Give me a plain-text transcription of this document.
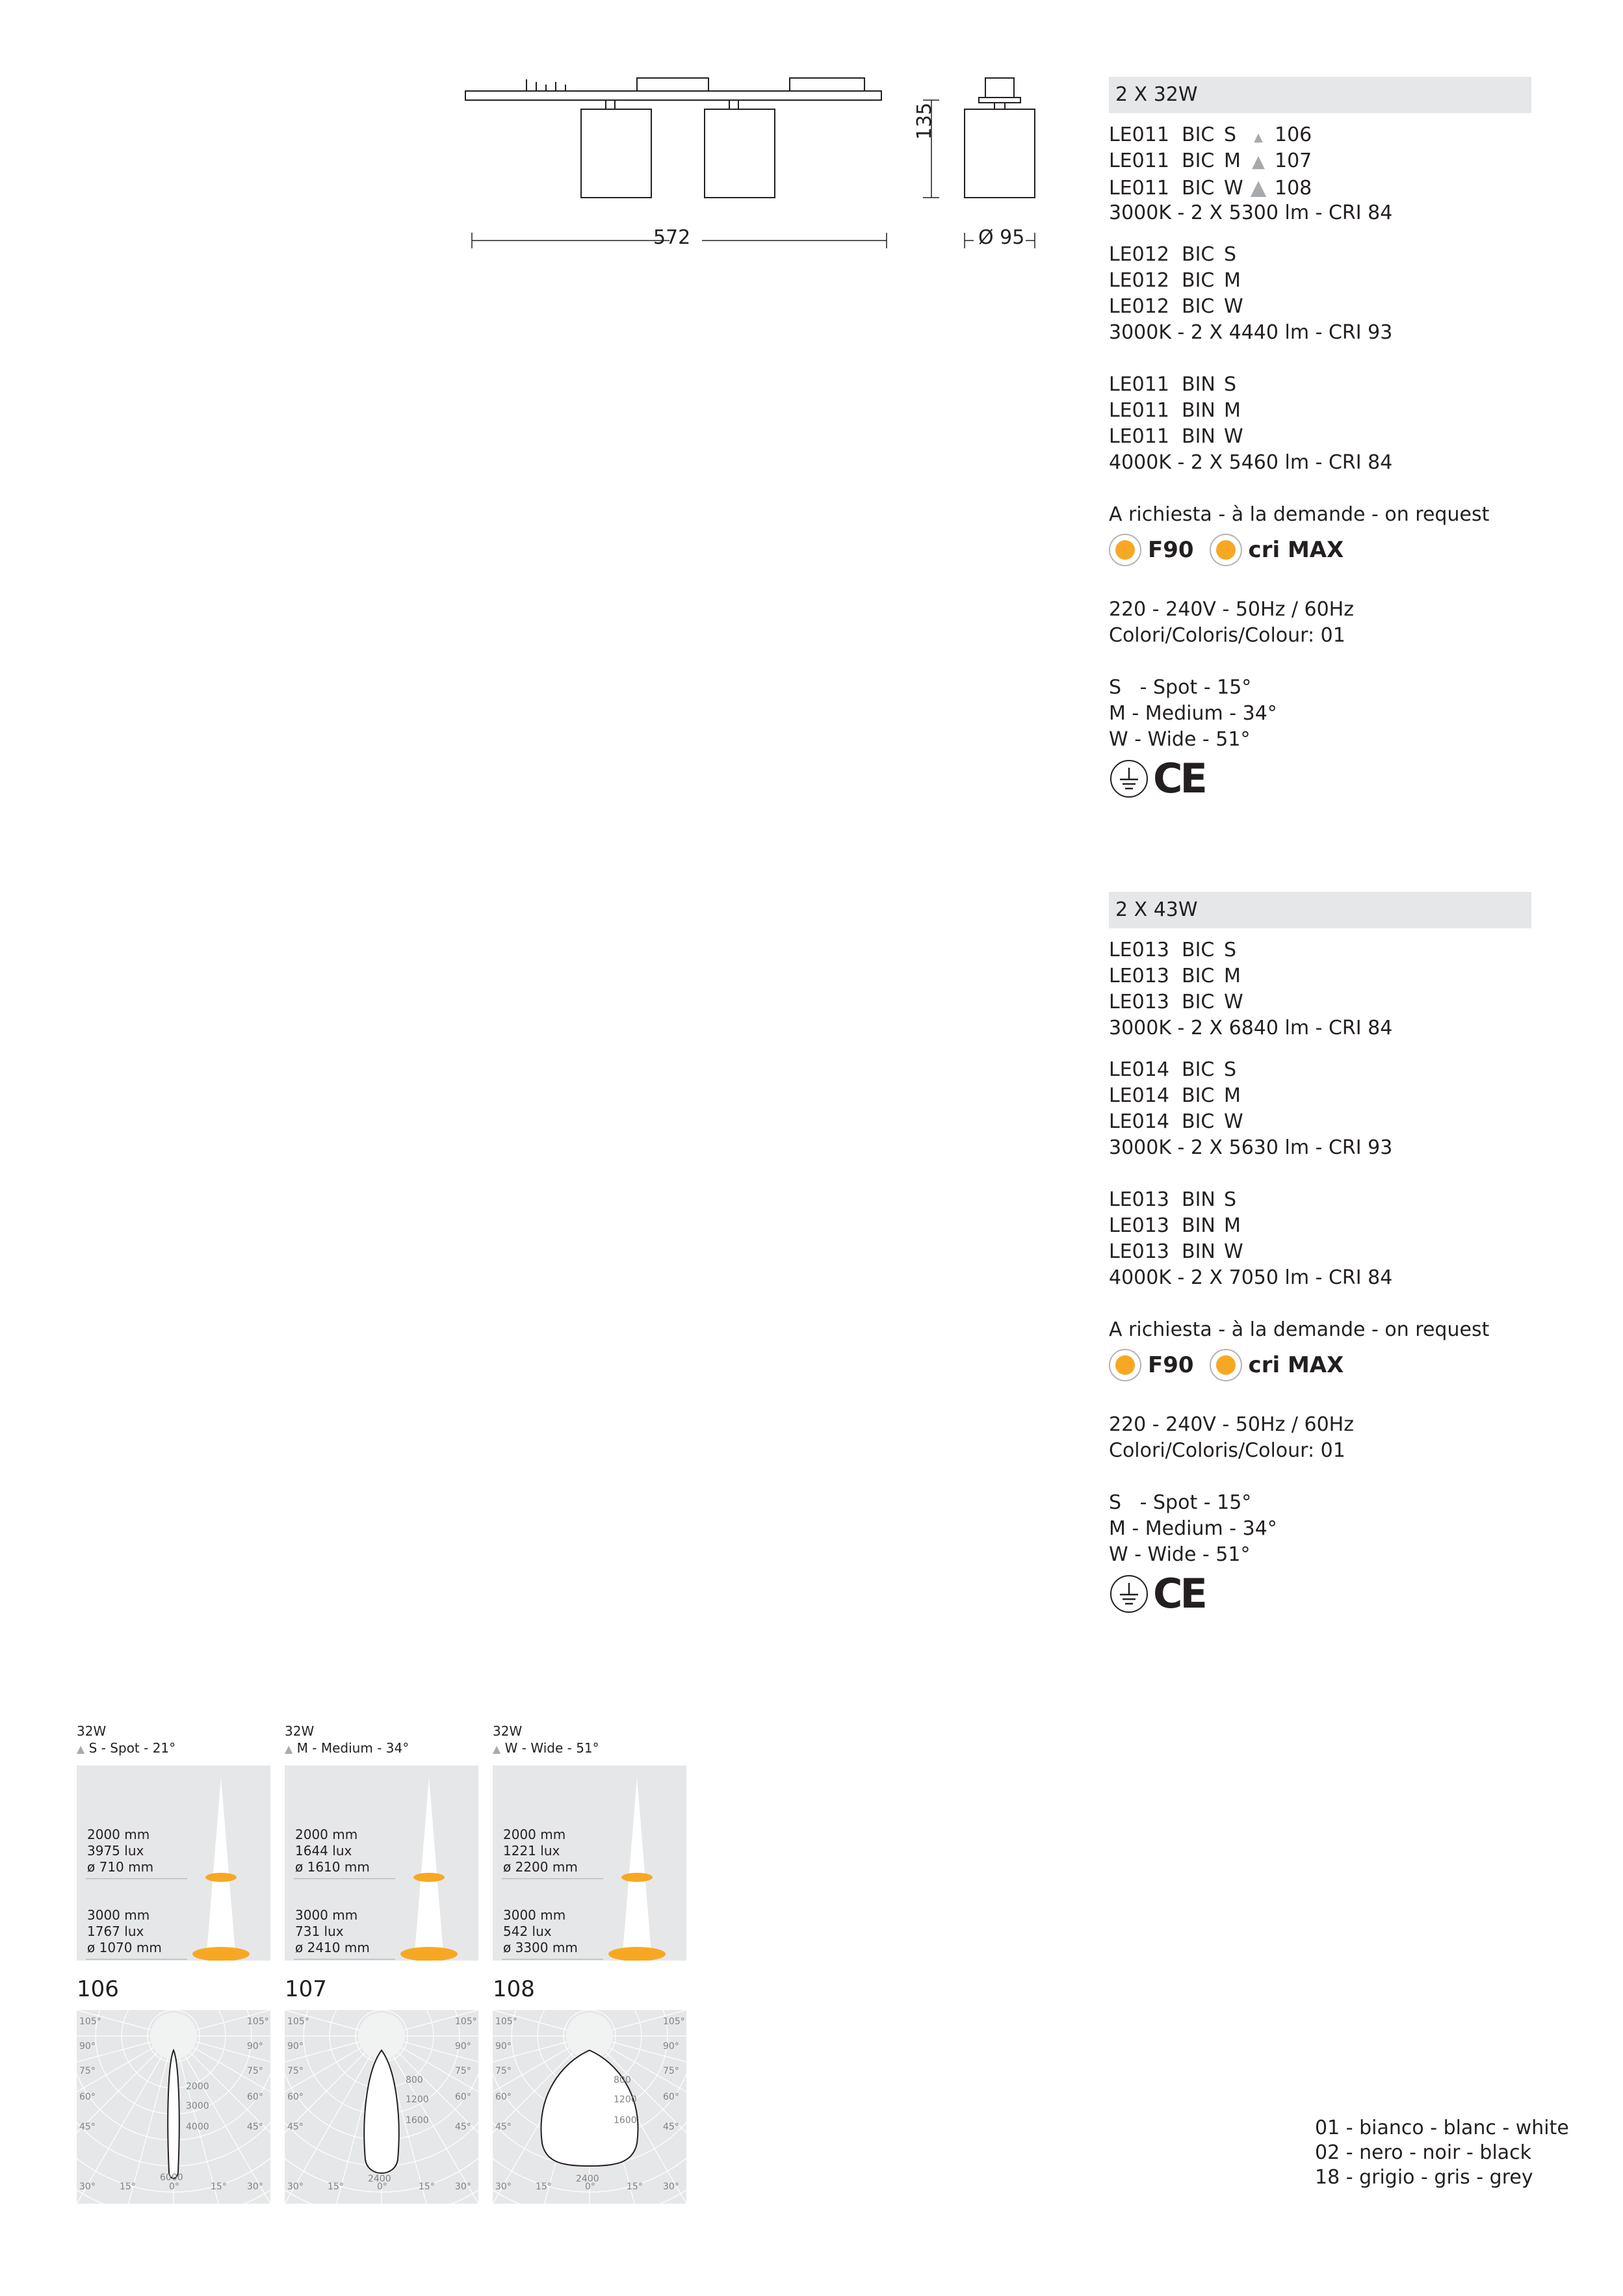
135
572	Ø 95
2 X 32W
LE011 BIC S ▲ 106
LE011 BIC M ▲ 107
LE011 BIC W ▲ 108
3000K - 2 X 5300 lm - CRI 84
LE012 BIC S
LE012 BIC M
LE012 BIC W
3000K - 2 X 4440 lm - CRI 93
LE011 BIN S
LE011 BIN M
LE011 BIN W
4000K - 2 X 5460 lm - CRI 84
A richiesta - à la demande - on request
F90 cri MAX
220 - 240V - 50Hz / 60Hz
Colori/Coloris/Colour: 01
S   - Spot - 15°
M - Medium - 34°
W - Wide - 51°
CE
2 X 43W
LE013 BIC S
LE013 BIC M
LE013 BIC W
3000K - 2 X 6840 lm - CRI 84
LE014 BIC S
LE014 BIC M
LE014 BIC W
3000K - 2 X 5630 lm - CRI 93
LE013 BIN S
LE013 BIN M
LE013 BIN W
4000K - 2 X 7050 lm - CRI 84
A richiesta - à la demande - on request
F90 cri MAX
220 - 240V - 50Hz / 60Hz
Colori/Coloris/Colour: 01
S   - Spot - 15°
M - Medium - 34°
W - Wide - 51°
CE
32W
▲ S - Spot - 21°
2000 mm
3975 lux
ø 710 mm
3000 mm
1767 lux
ø 1070 mm
106
32W
▲ M - Medium - 34°
2000 mm
1644 lux
ø 1610 mm
3000 mm
731 lux
ø 2410 mm
107
32W
▲ W - Wide - 51°
2000 mm
1221 lux
ø 2200 mm
3000 mm
542 lux
ø 3300 mm
108
105°
90°
75°
60°
45°
30°
105°
90°
75°
60°
45°
15°	0°	15° 30°
2000
3000
4000
6000
105°
90°
75°
60°
45°
30°
105°
90°
75°
60°
45°
15°	0°	15° 30°
800
1200
1600
2400
105°
90°
75°
60°
45°
30°
105°
90°
75°
60°
45°
15°	0°	15° 30°
800
1200
1600
2400
01 - bianco - blanc - white
02 - nero - noir - black
18 - grigio - gris - grey
